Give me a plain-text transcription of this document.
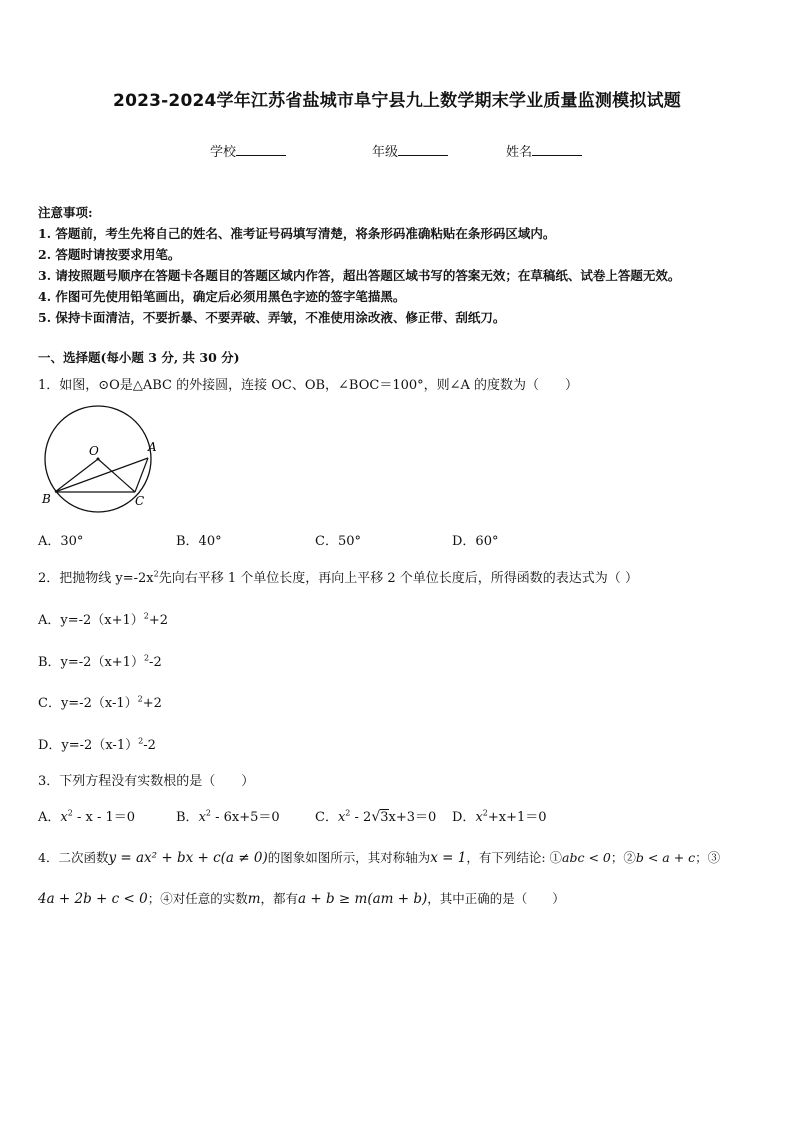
2023-2024学年江苏省盐城市阜宁县九上数学期末学业质量监测模拟试题
学校	年级	姓名
注意事项:
1. 答题前，考生先将自己的姓名、准考证号码填写清楚，将条形码准确粘贴在条形码区域内。
2. 答题时请按要求用笔。
3. 请按照题号顺序在答题卡各题目的答题区域内作答，超出答题区域书写的答案无效；在草稿纸、试卷上答题无效。
4. 作图可先使用铅笔画出，确定后必须用黑色字迹的签字笔描黑。
5. 保持卡面清洁，不要折暴、不要弄破、弄皱，不准使用涂改液、修正带、刮纸刀。
一、选择题(每小题 3 分, 共 30 分)
1．如图，⊙O是△ABC 的外接圆，连接 OC、OB，∠BOC＝100°，则∠A 的度数为（　　）
O	A
B	C
A．30°	B．40°	C．50°	D．60°
2．把抛物线 $y=-2x^2$先向右平移 1 个单位长度，再向上平移 2 个单位长度后，所得函数的表达式为（ ）
A．$y=-2(x+1)^2+2$
B．$y=-2(x+1)^2-2$
C．$y=-2(x-1)^2+2$
D．$y=-2(x-1)^2-2$
3．下列方程没有实数根的是（　　）
A．$x^2 - x - 1=0$	B．$x^2 - 6x+5=0$	C．$x^2 - 2√3x+3=0$ D．$x^2+x+1=0$
4．二次函数y = ax² + bx + c(a ≠ 0)的图象如图所示，其对称轴为x = 1，有下列结论: ①abc < 0；②b < a + c；③
4a + 2b + c < 0；④对任意的实数m，都有a + b ≥ m(am + b)，其中正确的是（　　）
